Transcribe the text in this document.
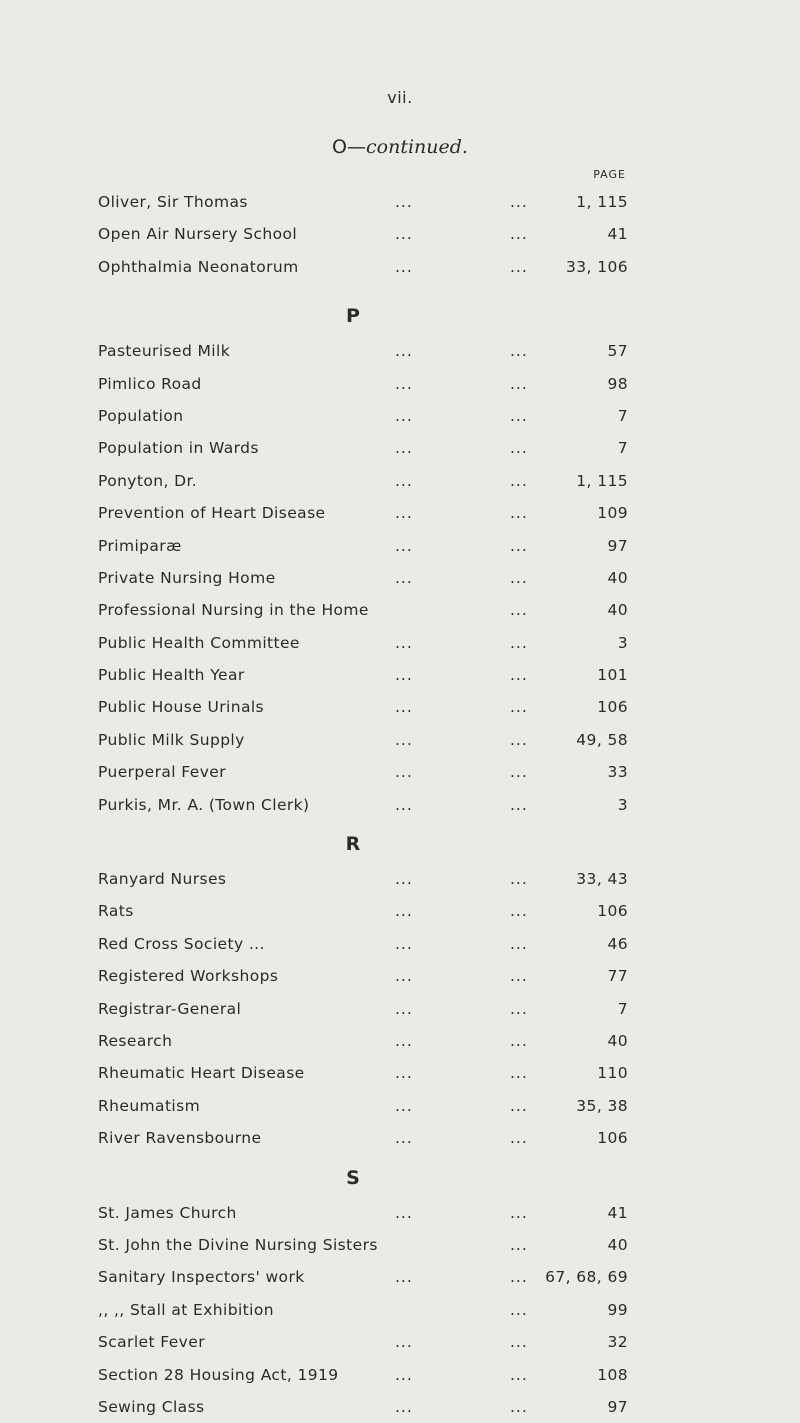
vii.
O—continued.
PAGE
Oliver, Sir Thomas	...	...	1, 115
Open Air Nursery School	...	...	41
Ophthalmia Neonatorum	...	... 33, 106
P
Pasteurised Milk	...	...	57
Pimlico Road	...	...	98
Population	...	...	7
Population in Wards	...	...	7
Ponyton, Dr.	...	...	1, 115
Prevention of Heart Disease	...	...	109
Primiparæ	...	...	97
Private Nursing Home	...	...	40
Professional Nursing in the Home	...	40
Public Health Committee	...	...	3
Public Health Year	...	...	101
Public House Urinals	...	...	106
Public Milk Supply	...	...	49, 58
Puerperal Fever	...	...	33
Purkis, Mr. A. (Town Clerk)	...	...	3
R
Ranyard Nurses	...	...	33, 43
Rats	...	...	106
Red Cross Society ...	...	...	46
Registered Workshops	...	...	77
Registrar-General	...	...	7
Research	...	...	40
Rheumatic Heart Disease	...	...	110
Rheumatism	...	...	35, 38
River Ravensbourne	...	...	106
S
St. James Church	...	...	41
St. John the Divine Nursing Sisters	...	40
Sanitary Inspectors' work	...	... 67, 68, 69
,, ,, Stall at Exhibition	...	99
Scarlet Fever	...	...	32
Section 28 Housing Act, 1919	...	...	108
Sewing Class	...	...	97
